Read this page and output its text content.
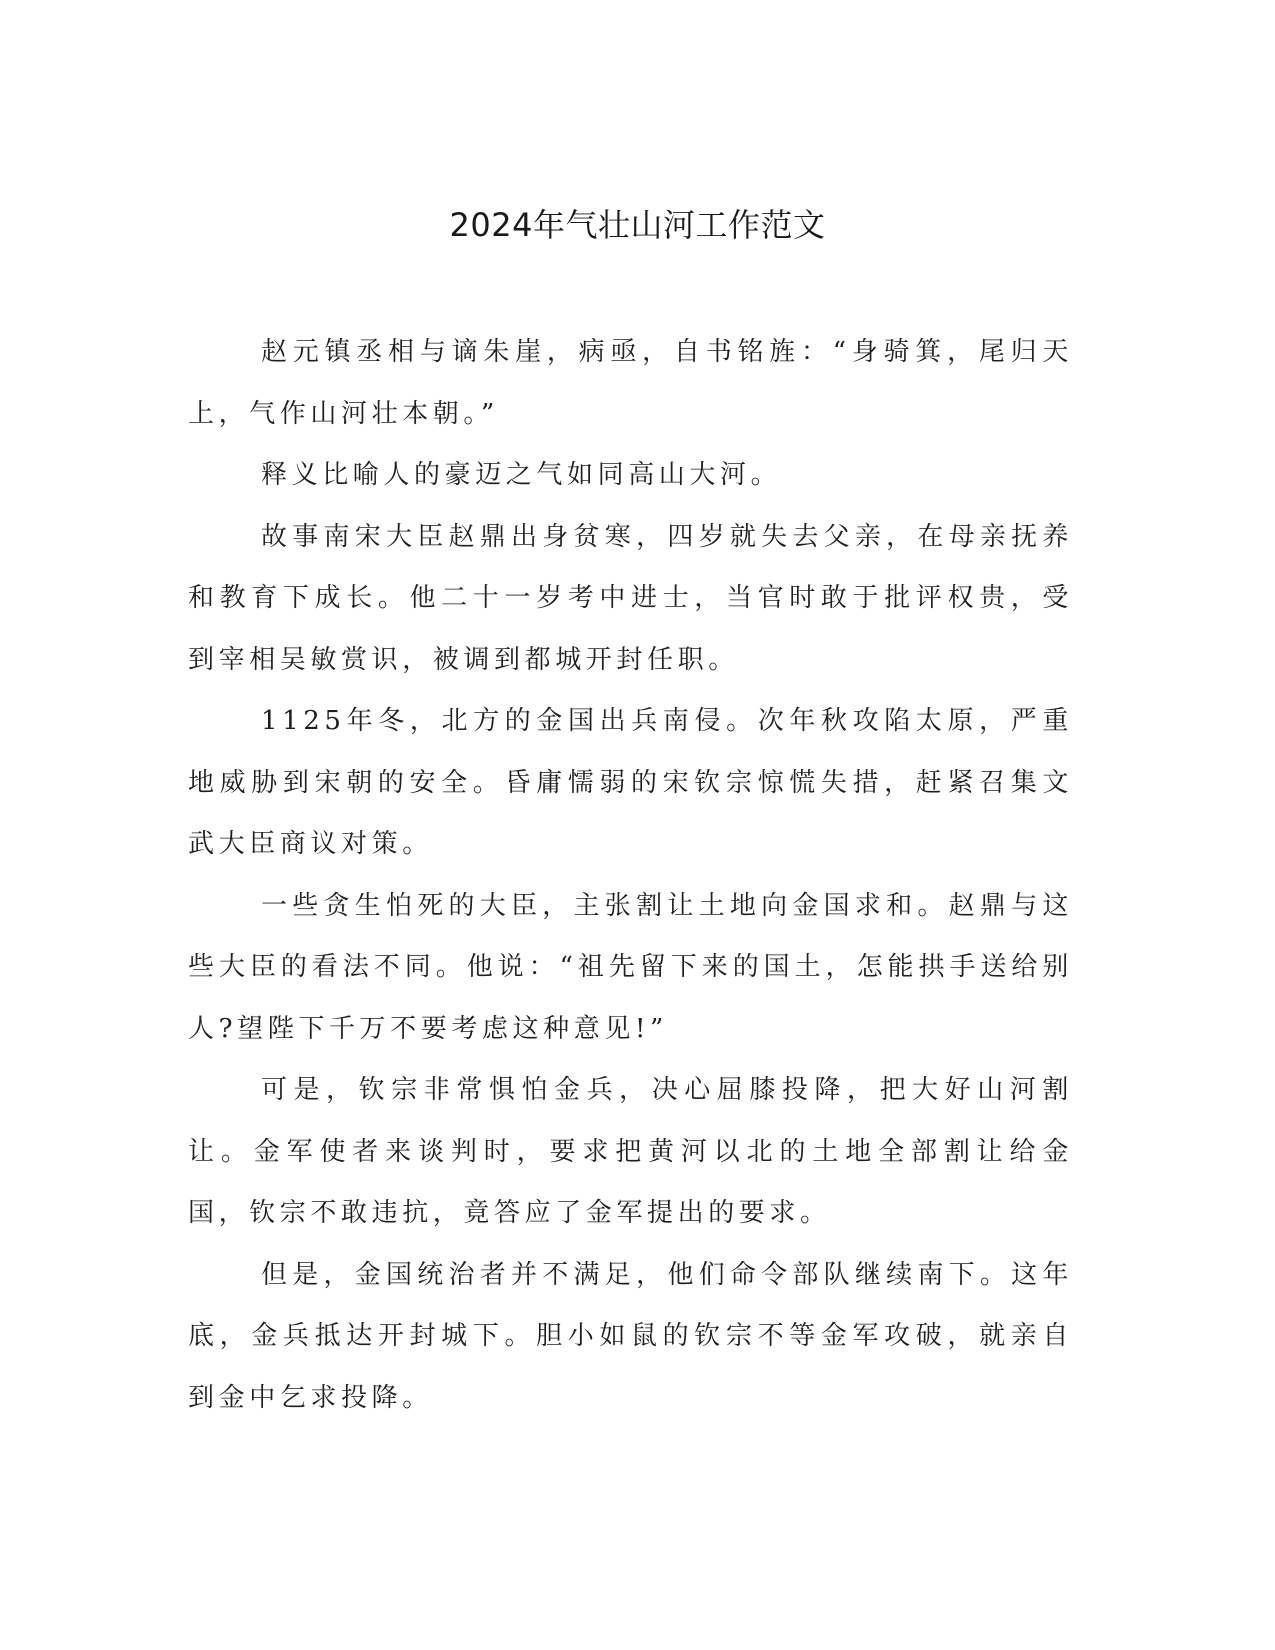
2024年气壮山河工作范文

赵元镇丞相与谪朱崖，病亟，自书铭旌：“身骑箕，尾归天上，气作山河壮本朝。”

释义比喻人的豪迈之气如同高山大河。

故事南宋大臣赵鼎出身贫寒，四岁就失去父亲，在母亲抚养和教育下成长。他二十一岁考中进士，当官时敢于批评权贵，受到宰相吴敏赏识，被调到都城开封任职。

1125年冬，北方的金国出兵南侵。次年秋攻陷太原，严重地威胁到宋朝的安全。昏庸懦弱的宋钦宗惊慌失措，赶紧召集文武大臣商议对策。

一些贪生怕死的大臣，主张割让土地向金国求和。赵鼎与这些大臣的看法不同。他说：“祖先留下来的国土，怎能拱手送给别人?望陛下千万不要考虑这种意见!”

可是，钦宗非常惧怕金兵，决心屈膝投降，把大好山河割让。金军使者来谈判时，要求把黄河以北的土地全部割让给金国，钦宗不敢违抗，竟答应了金军提出的要求。

但是，金国统治者并不满足，他们命令部队继续南下。这年底，金兵抵达开封城下。胆小如鼠的钦宗不等金军攻破，就亲自到金中乞求投降。
